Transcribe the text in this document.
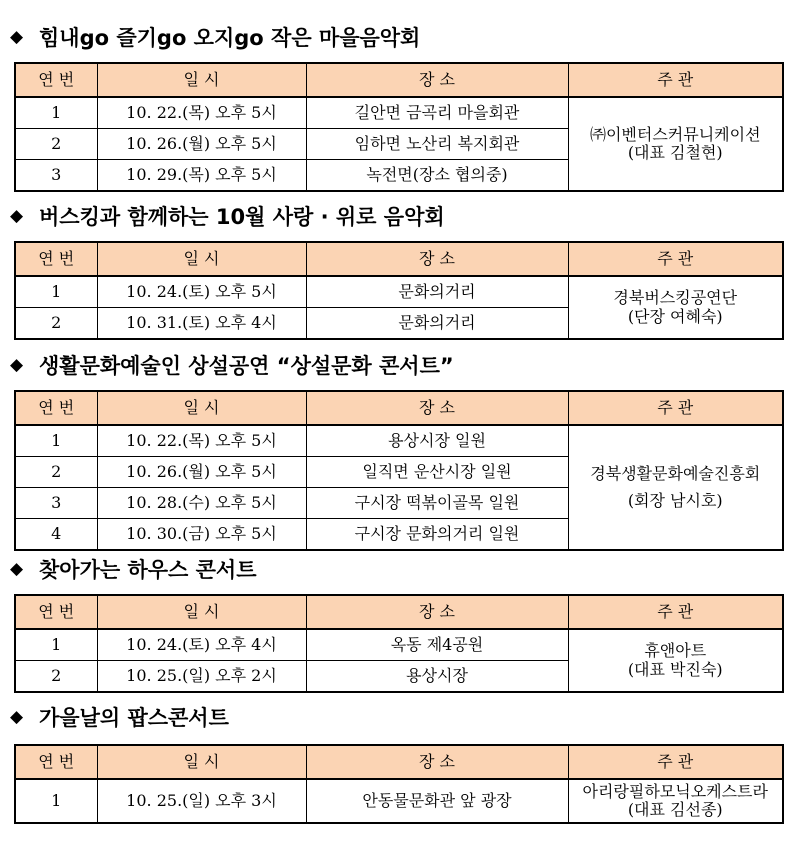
◆ 힘내go 즐기go 오지go 작은 마을음악회
연 번	일 시	장 소	주 관
1	10. 22.(목) 오후 5시	길안면 금곡리 마을회관	㈜이벤터스커뮤니케이션
(대표 김철현)

2	10. 26.(월) 오후 5시	임하면 노산리 복지회관	
3	10. 29.(목) 오후 5시	녹전면(장소 협의중)	
◆ 버스킹과 함께하는 10월 사랑 · 위로 음악회
연 번	일 시	장 소	주 관
1	10. 24.(토) 오후 5시	문화의거리	경북버스킹공연단
(단장 여혜숙)

2	10. 31.(토) 오후 4시	문화의거리	
◆ 생활문화예술인 상설공연 “상설문화 콘서트”
연 번	일 시	장 소	주 관
1	10. 22.(목) 오후 5시	용상시장 일원	경북생활문화예술진흥회
(회장 남시호)

2	10. 26.(월) 오후 5시	일직면 운산시장 일원	
3	10. 28.(수) 오후 5시	구시장 떡볶이골목 일원	
4	10. 30.(금) 오후 5시	구시장 문화의거리 일원	
◆ 찾아가는 하우스 콘서트
연 번	일 시	장 소	주 관
1	10. 24.(토) 오후 4시	옥동 제4공원	휴앤아트
(대표 박진숙)

2	10. 25.(일) 오후 2시	용상시장	
◆ 가을날의 팝스콘서트
연 번	일 시	장 소	주 관
1	10. 25.(일) 오후 3시	안동물문화관 앞 광장	아리랑필하모닉오케스트라
(대표 김선종)
